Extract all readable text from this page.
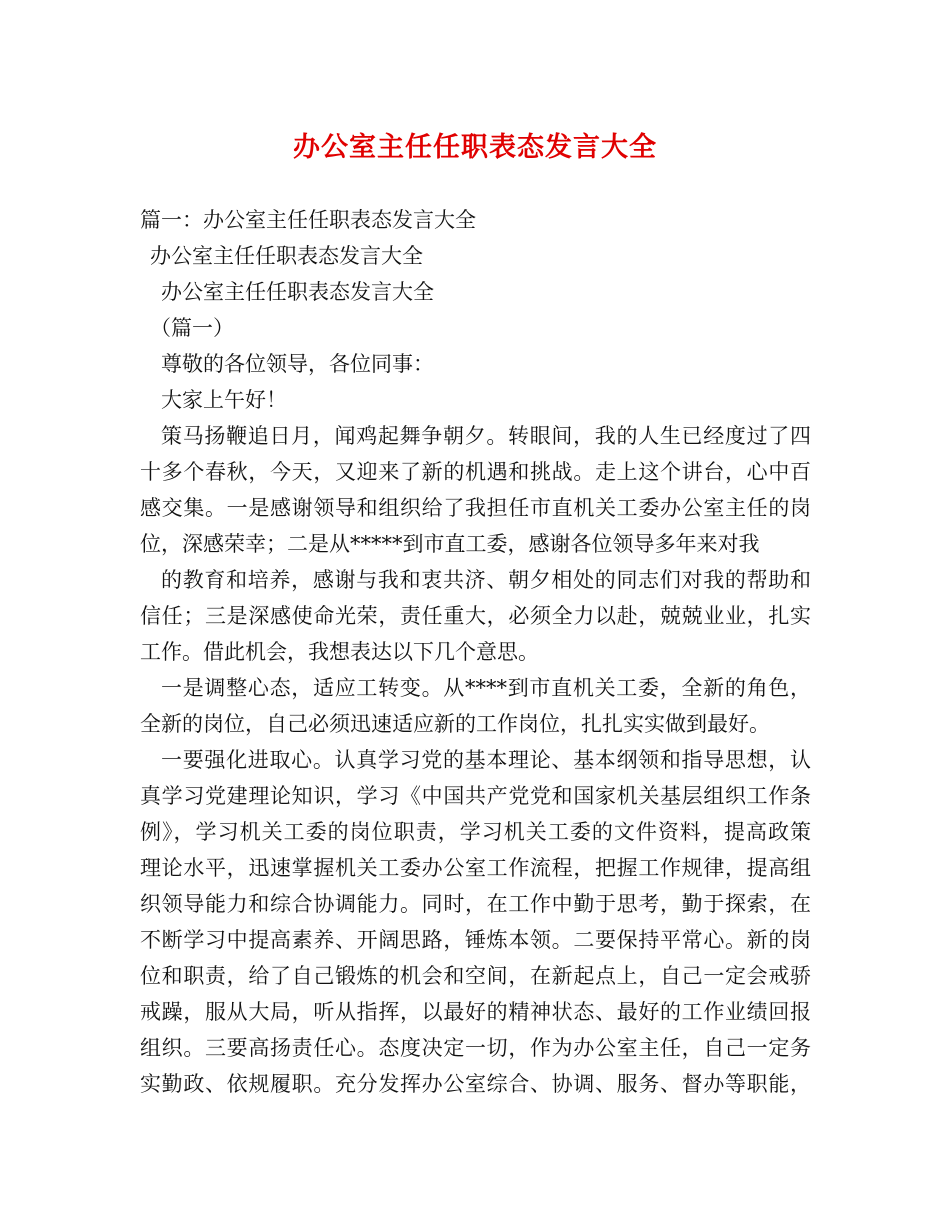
办公室主任任职表态发言大全
篇一：办公室主任任职表态发言大全
办公室主任任职表态发言大全
办公室主任任职表态发言大全
（篇一）
尊敬的各位领导，各位同事：
大家上午好！
策马扬鞭追日月，闻鸡起舞争朝夕。转眼间，我的人生已经度过了四
十多个春秋，今天，又迎来了新的机遇和挑战。走上这个讲台，心中百
感交集。一是感谢领导和组织给了我担任市直机关工委办公室主任的岗
位，深感荣幸；二是从*****到市直工委，感谢各位领导多年来对我
的教育和培养，感谢与我和衷共济、朝夕相处的同志们对我的帮助和
信任；三是深感使命光荣，责任重大，必须全力以赴，兢兢业业，扎实
工作。借此机会，我想表达以下几个意思。
一是调整心态，适应工转变。从****到市直机关工委，全新的角色，
全新的岗位，自己必须迅速适应新的工作岗位，扎扎实实做到最好。
一要强化进取心。认真学习党的基本理论、基本纲领和指导思想，认
真学习党建理论知识，学习《中国共产党党和国家机关基层组织工作条
例》，学习机关工委的岗位职责，学习机关工委的文件资料，提高政策
理论水平，迅速掌握机关工委办公室工作流程，把握工作规律，提高组
织领导能力和综合协调能力。同时，在工作中勤于思考，勤于探索，在
不断学习中提高素养、开阔思路，锤炼本领。二要保持平常心。新的岗
位和职责，给了自己锻炼的机会和空间，在新起点上，自己一定会戒骄
戒躁，服从大局，听从指挥，以最好的精神状态、最好的工作业绩回报
组织。三要高扬责任心。态度决定一切，作为办公室主任，自己一定务
实勤政、依规履职。充分发挥办公室综合、协调、服务、督办等职能，
